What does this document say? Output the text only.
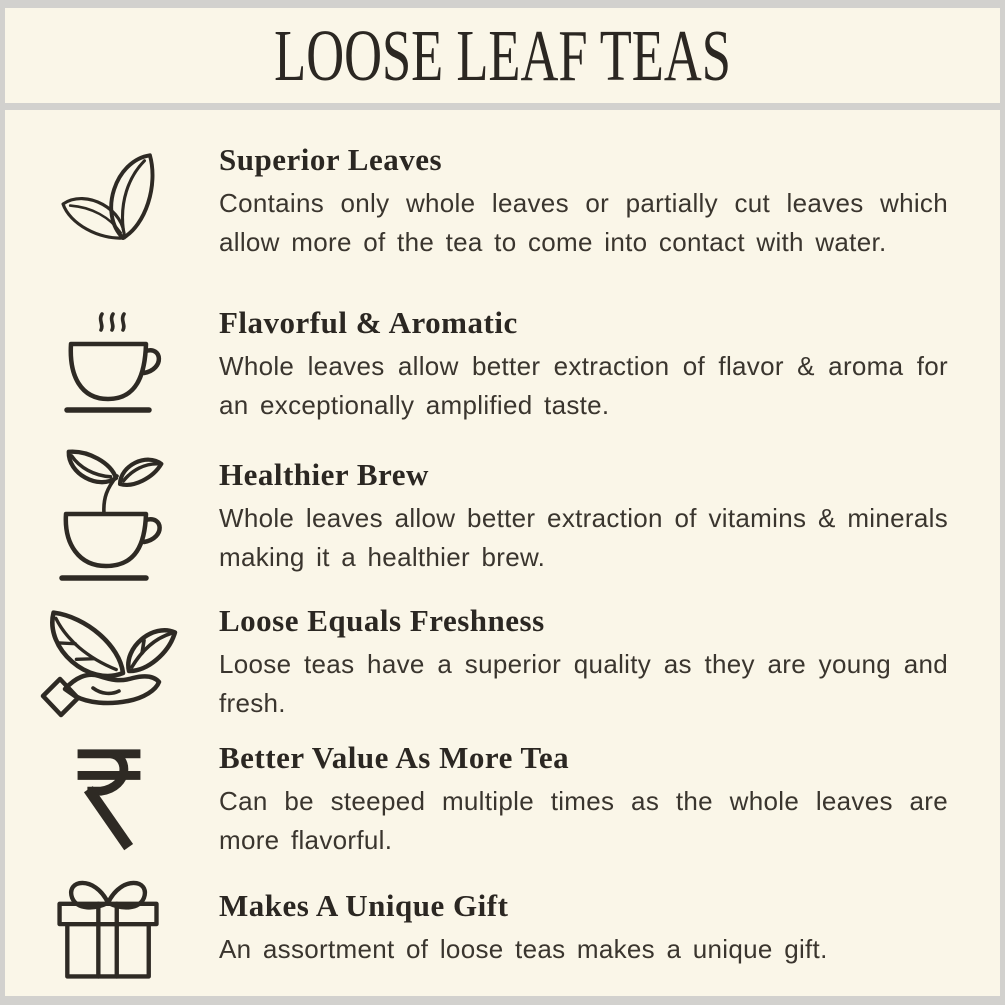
LOOSE LEAF TEAS
Superior Leaves

Contains only whole leaves or partially cut leaves which allow more of the tea to come into contact with water.

Flavorful & Aromatic

Whole leaves allow better extraction of flavor & aroma for an exceptionally amplified taste.

Healthier Brew

Whole leaves allow better extraction of vitamins & minerals making it a healthier brew.

Loose Equals Freshness

Loose teas have a superior quality as they are young and fresh.

Better Value As More Tea

Can be steeped multiple times as the whole leaves are more flavorful.

Makes A Unique Gift

An assortment of loose teas makes a unique gift.
